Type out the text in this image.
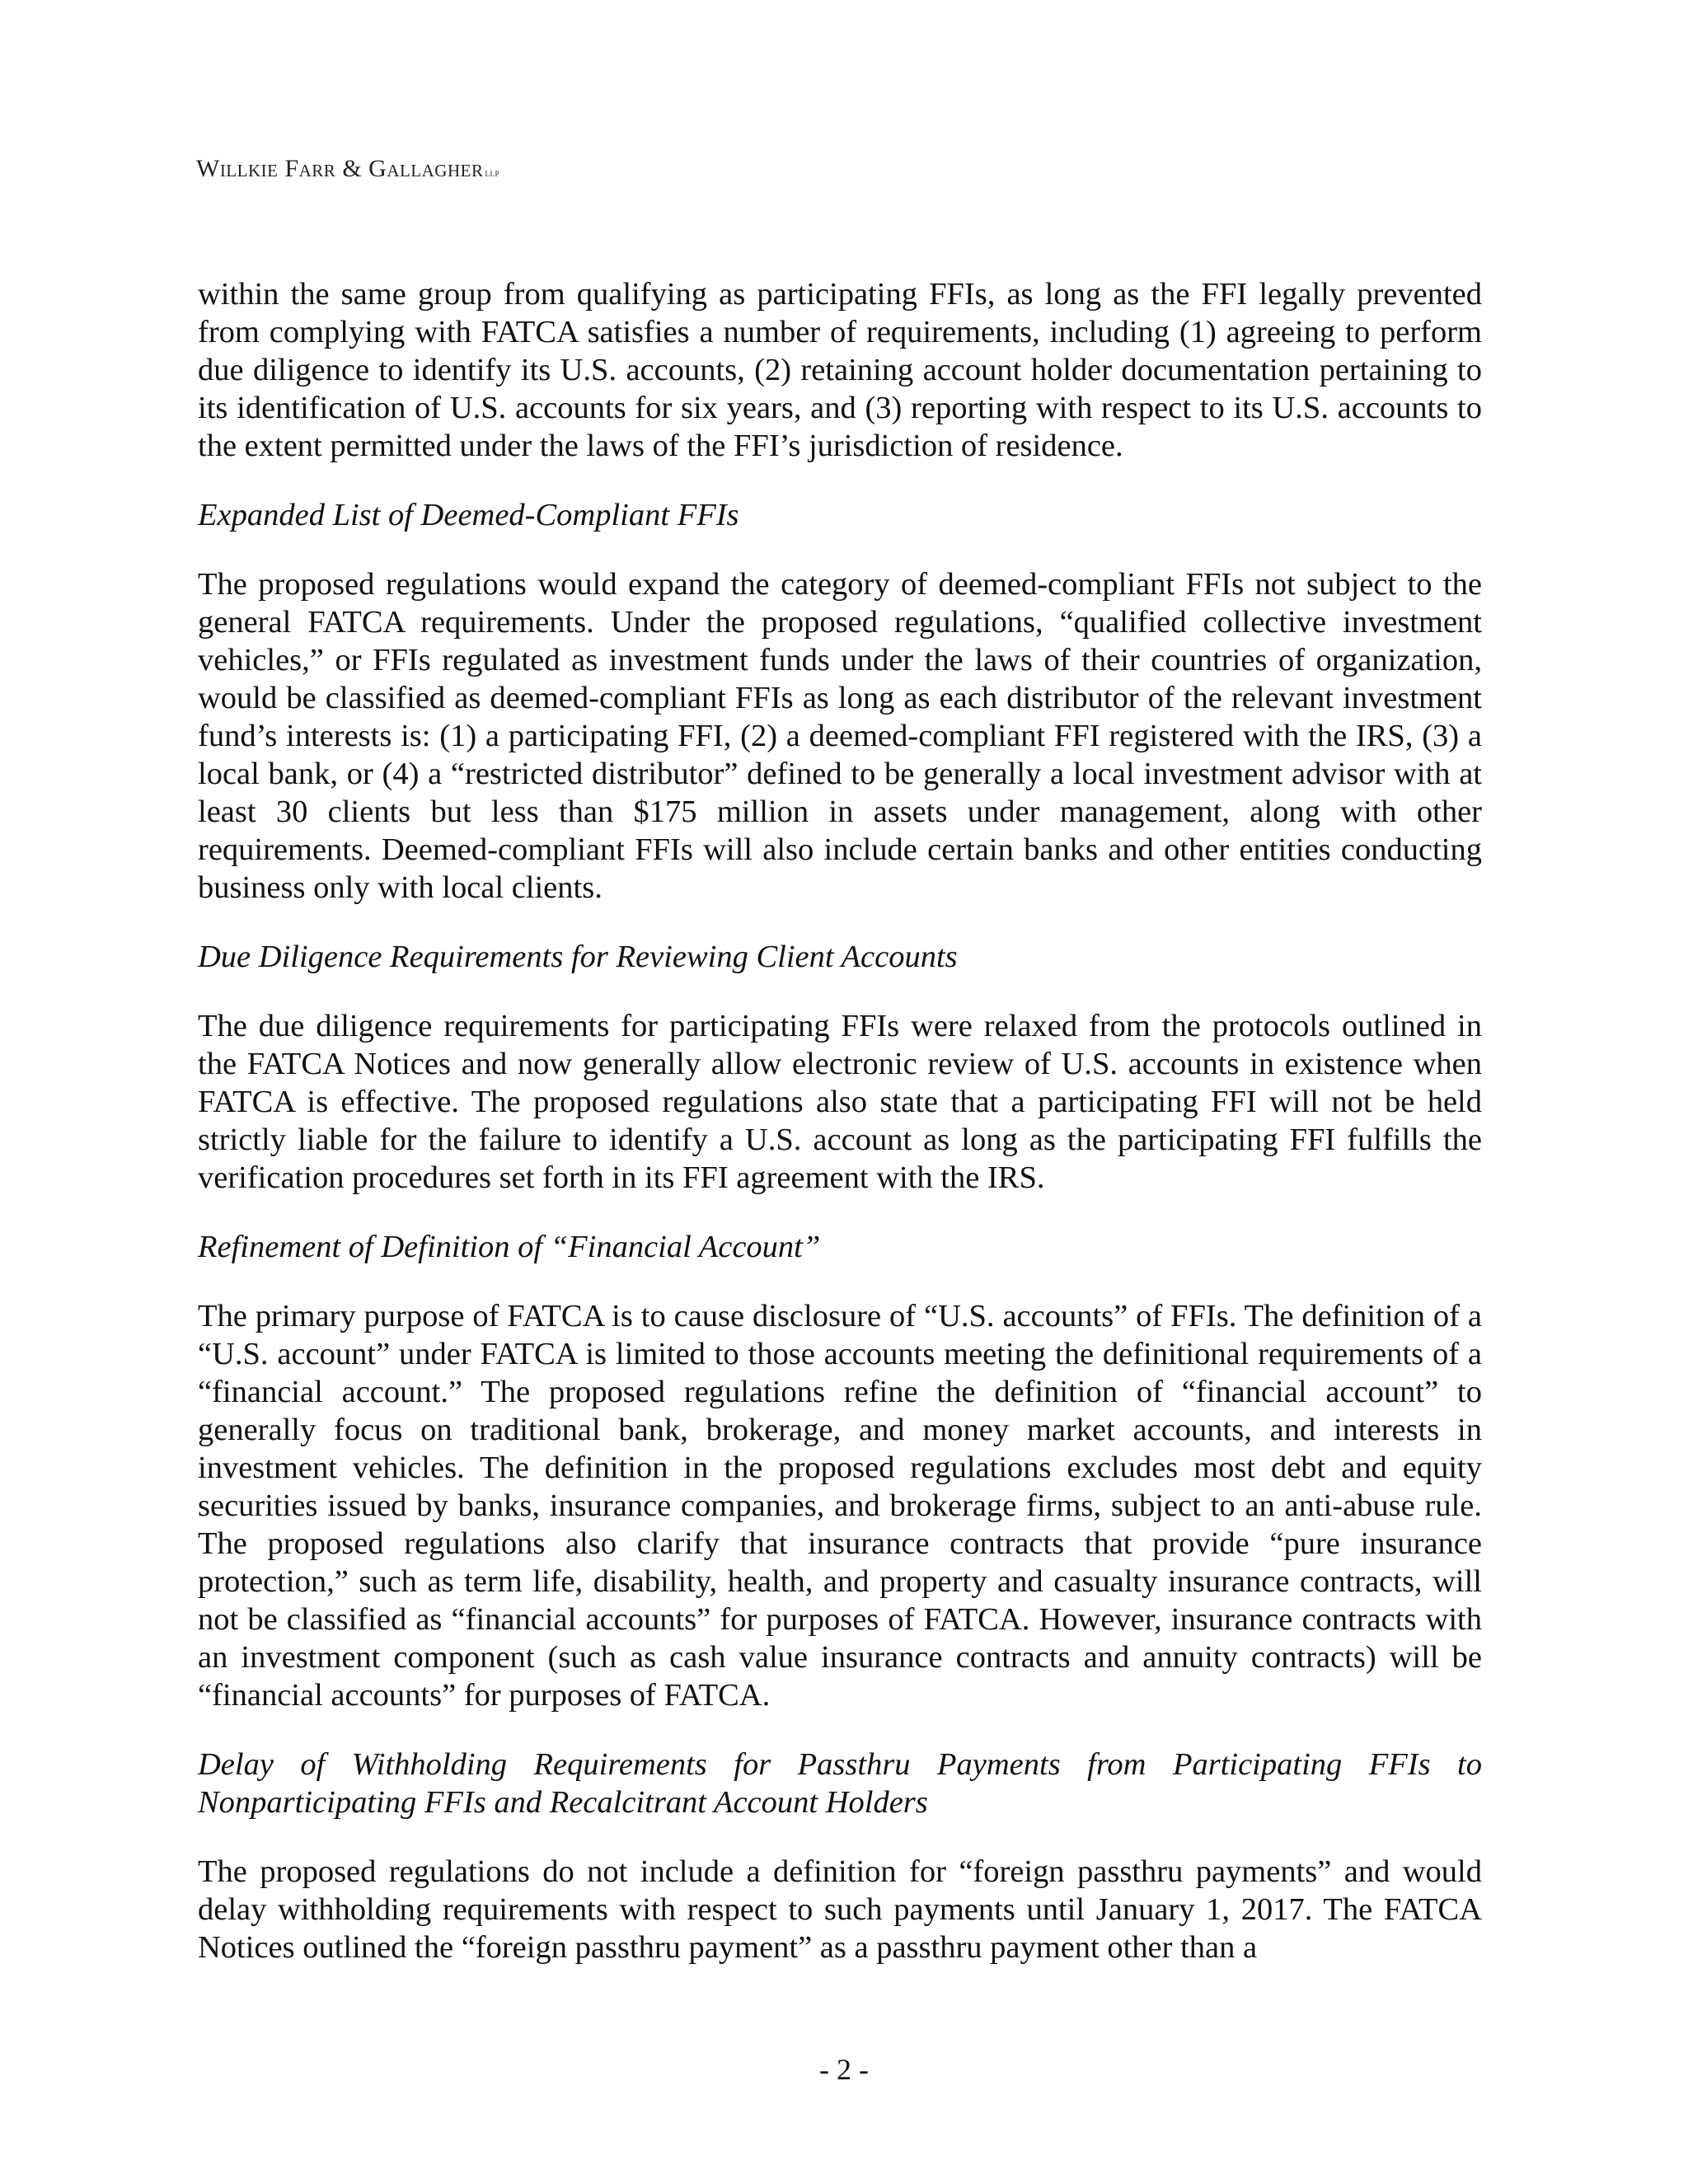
Willkie Farr & Gallagher llp

within the same group from qualifying as participating FFIs, as long as the FFI legally prevented from complying with FATCA satisfies a number of requirements, including (1) agreeing to perform due diligence to identify its U.S. accounts, (2) retaining account holder documentation pertaining to its identification of U.S. accounts for six years, and (3) reporting with respect to its U.S. accounts to the extent permitted under the laws of the FFI’s jurisdiction of residence.

Expanded List of Deemed-Compliant FFIs

The proposed regulations would expand the category of deemed-compliant FFIs not subject to the general FATCA requirements. Under the proposed regulations, “qualified collective investment vehicles,” or FFIs regulated as investment funds under the laws of their countries of organization, would be classified as deemed-compliant FFIs as long as each distributor of the relevant investment fund’s interests is: (1) a participating FFI, (2) a deemed-compliant FFI registered with the IRS, (3) a local bank, or (4) a “restricted distributor” defined to be generally a local investment advisor with at least 30 clients but less than $175 million in assets under management, along with other requirements. Deemed-compliant FFIs will also include certain banks and other entities conducting business only with local clients.

Due Diligence Requirements for Reviewing Client Accounts

The due diligence requirements for participating FFIs were relaxed from the protocols outlined in the FATCA Notices and now generally allow electronic review of U.S. accounts in existence when FATCA is effective. The proposed regulations also state that a participating FFI will not be held strictly liable for the failure to identify a U.S. account as long as the participating FFI fulfills the verification procedures set forth in its FFI agreement with the IRS.

Refinement of Definition of “Financial Account”

The primary purpose of FATCA is to cause disclosure of “U.S. accounts” of FFIs. The definition of a “U.S. account” under FATCA is limited to those accounts meeting the definitional requirements of a “financial account.” The proposed regulations refine the definition of “financial account” to generally focus on traditional bank, brokerage, and money market accounts, and interests in investment vehicles. The definition in the proposed regulations excludes most debt and equity securities issued by banks, insurance companies, and brokerage firms, subject to an anti-abuse rule. The proposed regulations also clarify that insurance contracts that provide “pure insurance protection,” such as term life, disability, health, and property and casualty insurance contracts, will not be classified as “financial accounts” for purposes of FATCA. However, insurance contracts with an investment component (such as cash value insurance contracts and annuity contracts) will be “financial accounts” for purposes of FATCA.

Delay of Withholding Requirements for Passthru Payments from Participating FFIs to Nonparticipating FFIs and Recalcitrant Account Holders

The proposed regulations do not include a definition for “foreign passthru payments” and would delay withholding requirements with respect to such payments until January 1, 2017. The FATCA Notices outlined the “foreign passthru payment” as a passthru payment other than a

- 2 -
